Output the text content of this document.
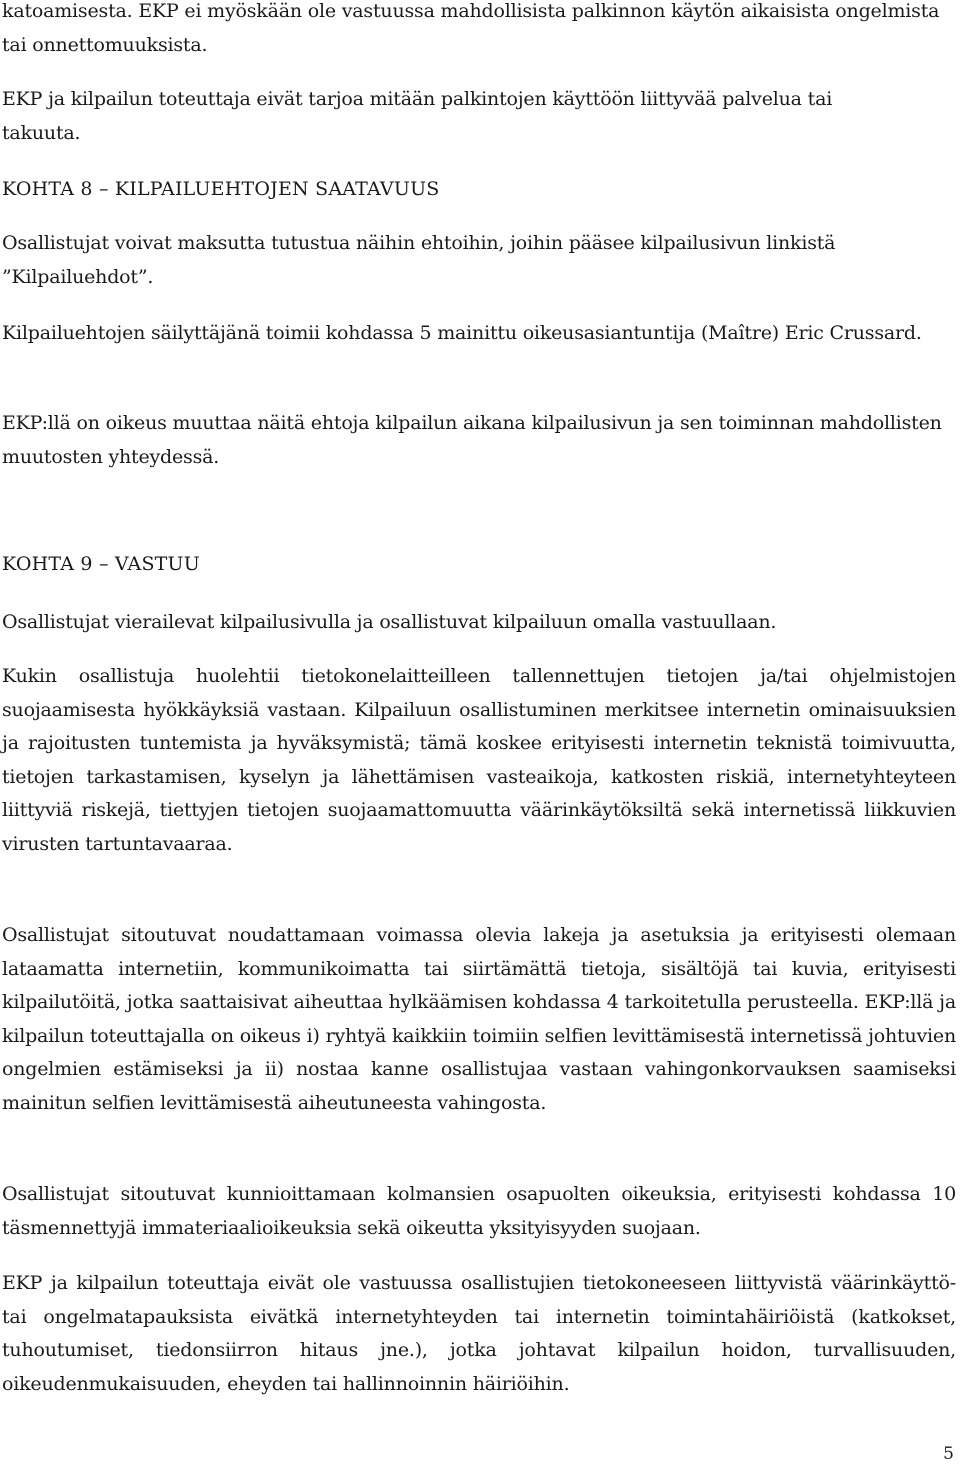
katoamisesta. EKP ei myöskään ole vastuussa mahdollisista palkinnon käytön aikaisista ongelmista tai onnettomuuksista.

EKP ja kilpailun toteuttaja eivät tarjoa mitään palkintojen käyttöön liittyvää palvelua tai takuuta.

KOHTA 8 – KILPAILUEHTOJEN SAATAVUUS

Osallistujat voivat maksutta tutustua näihin ehtoihin, joihin pääsee kilpailusivun linkistä ”Kilpailuehdot”.

Kilpailuehtojen säilyttäjänä toimii kohdassa 5 mainittu oikeusasiantuntija (Maître) Eric Crussard.

EKP:llä on oikeus muuttaa näitä ehtoja kilpailun aikana kilpailusivun ja sen toiminnan mahdollisten muutosten yhteydessä.

KOHTA 9 – VASTUU

Osallistujat vierailevat kilpailusivulla ja osallistuvat kilpailuun omalla vastuullaan.

Kukin osallistuja huolehtii tietokonelaitteilleen tallennettujen tietojen ja/tai ohjelmistojen suojaamisesta hyökkäyksiä vastaan. Kilpailuun osallistuminen merkitsee internetin ominaisuuksien ja rajoitusten tuntemista ja hyväksymistä; tämä koskee erityisesti internetin teknistä toimivuutta, tietojen tarkastamisen, kyselyn ja lähettämisen vasteaikoja, katkosten riskiä, internetyhteyteen liittyviä riskejä, tiettyjen tietojen suojaamattomuutta väärinkäytöksiltä sekä internetissä liikkuvien virusten tartuntavaaraa.

Osallistujat sitoutuvat noudattamaan voimassa olevia lakeja ja asetuksia ja erityisesti olemaan lataamatta internetiin, kommunikoimatta tai siirtämättä tietoja, sisältöjä tai kuvia, erityisesti kilpailutöitä, jotka saattaisivat aiheuttaa hylkäämisen kohdassa 4 tarkoitetulla perusteella. EKP:llä ja kilpailun toteuttajalla on oikeus i) ryhtyä kaikkiin toimiin selfien levittämisestä internetissä johtuvien ongelmien estämiseksi ja ii) nostaa kanne osallistujaa vastaan vahingonkorvauksen saamiseksi mainitun selfien levittämisestä aiheutuneesta vahingosta.

Osallistujat sitoutuvat kunnioittamaan kolmansien osapuolten oikeuksia, erityisesti kohdassa 10 täsmennettyjä immateriaalioikeuksia sekä oikeutta yksityisyyden suojaan.

EKP ja kilpailun toteuttaja eivät ole vastuussa osallistujien tietokoneeseen liittyvistä väärinkäyttö- tai ongelmatapauksista eivätkä internetyhteyden tai internetin toimintahäiriöistä (katkokset, tuhoutumiset, tiedonsiirron hitaus jne.), jotka johtavat kilpailun hoidon, turvallisuuden, oikeudenmukaisuuden, eheyden tai hallinnoinnin häiriöihin.

5
